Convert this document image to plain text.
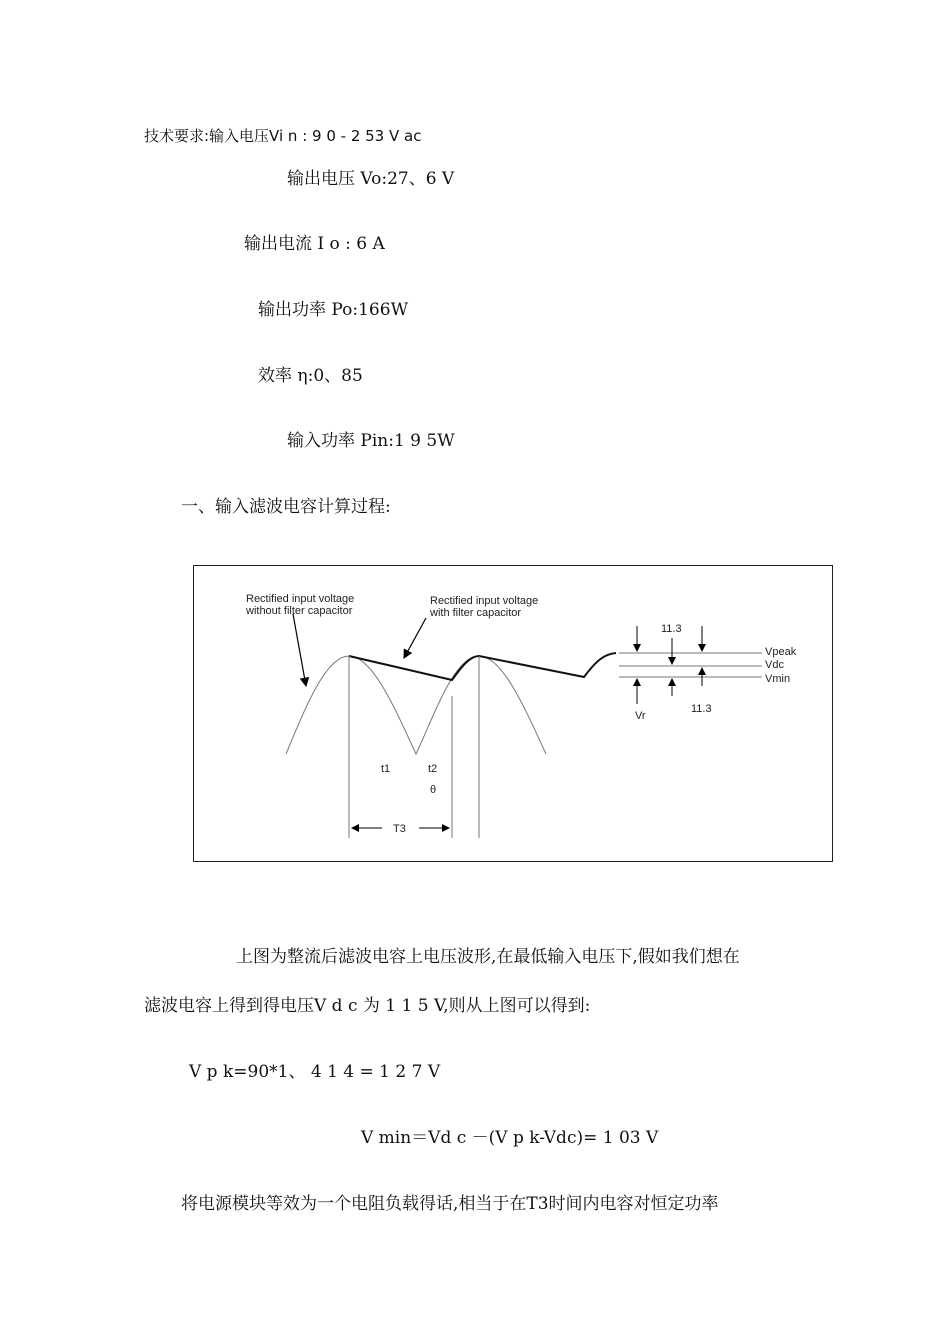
技术要求:输入电压Vi n : 9 0 - 2 53 V ac
输出电压 Vo:27、6 V
输出电流 I o : 6 A
输出功率 Po:166W
效率 η:0、85
输入功率 Pin:1 9 5W
一、输入滤波电容计算过程:
Rectified input voltage
without filter capacitor
Rectified input voltage
with filter capacitor
t1	t2
θ
T3
11.3
11.3
Vr
Vpeak
Vdc
Vmin
上图为整流后滤波电容上电压波形,在最低输入电压下,假如我们想在
滤波电容上得到得电压V d c 为 1 1 5 V,则从上图可以得到:
V p k=90*1、 4 1 4 = 1 2 7 V
V min＝Vd c －(V p k-Vdc)= 1 03 V
将电源模块等效为一个电阻负载得话,相当于在T3时间内电容对恒定功率
